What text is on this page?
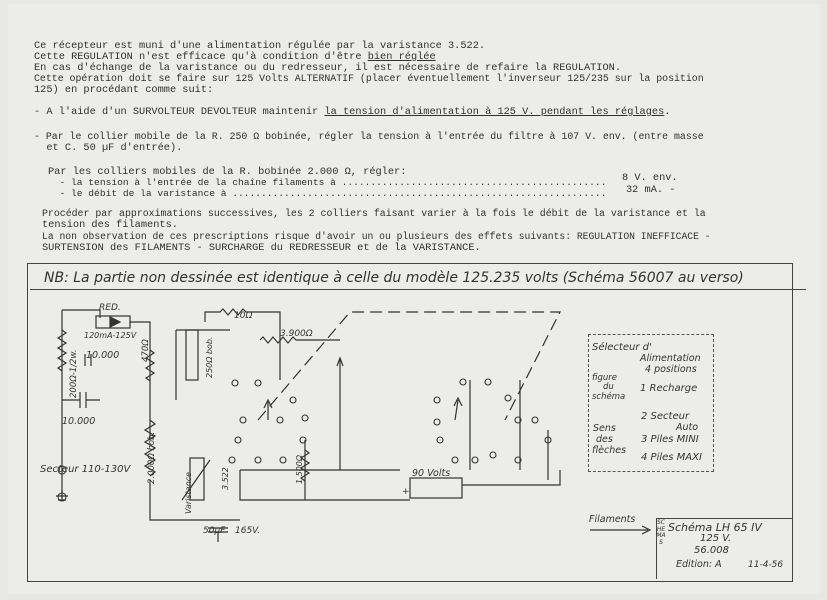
Ce récepteur est muni d'une alimentation régulée par la varistance 3.522.
Cette REGULATION n'est efficace qu'à condition d'être bien réglée
En cas d'échange de la varistance ou du redresseur, il est nécessaire de refaire la REGULATION.
Cette opération doit se faire sur 125 Volts ALTERNATIF (placer éventuellement l'inverseur 125/235 sur la position
125) en procédant comme suit:
- A l'aide d'un SURVOLTEUR DEVOLTEUR maintenir la tension d'alimentation à 125 V. pendant les réglages.
- Par le collier mobile de la R. 250 Ω bobinée, régler la tension à l'entrée du filtre à 107 V. env. (entre masse
et C. 50 µF d'entrée).
Par les colliers mobiles de la R. bobinée 2.000 Ω, régler:
- la tension à l'entrée de la chaîne filaments à .............................................. 8 V. env.
- le débit de la varistance à ................................................................. 32 mA. -
Procéder par approximations successives, les 2 colliers faisant varier à la fois le débit de la varistance et la
tension des filaments.
La non observation de ces prescriptions risque d'avoir un ou plusieurs des effets suivants: REGULATION INEFFICACE -
SURTENSION des FILAMENTS - SURCHARGE du REDRESSEUR et de la VARISTANCE.
NB: La partie non dessinée est identique à celle du modèle 125.235 volts (Schéma 56007 au verso)
RED.
120mA-125V
10.000
10.000
200Ω-1/2w.	470Ω
10Ω
3.900Ω
2.000Ω bob.
250Ω bob.
1.500Ω
Varistance	3.522
50µF 165V.
90 Volts
+
Secteur 110-130V
Filaments
Sélecteur d'
Alimentation
4 positions
figure
du
schéma
1 Recharge
Sens
des
flèches
2 Secteur
Auto
3 Piles MINI
4 Piles MAXI
SCHEMAS
Schéma LH 65 IV
125 V.
56.008
Edition: A	11-4-56
